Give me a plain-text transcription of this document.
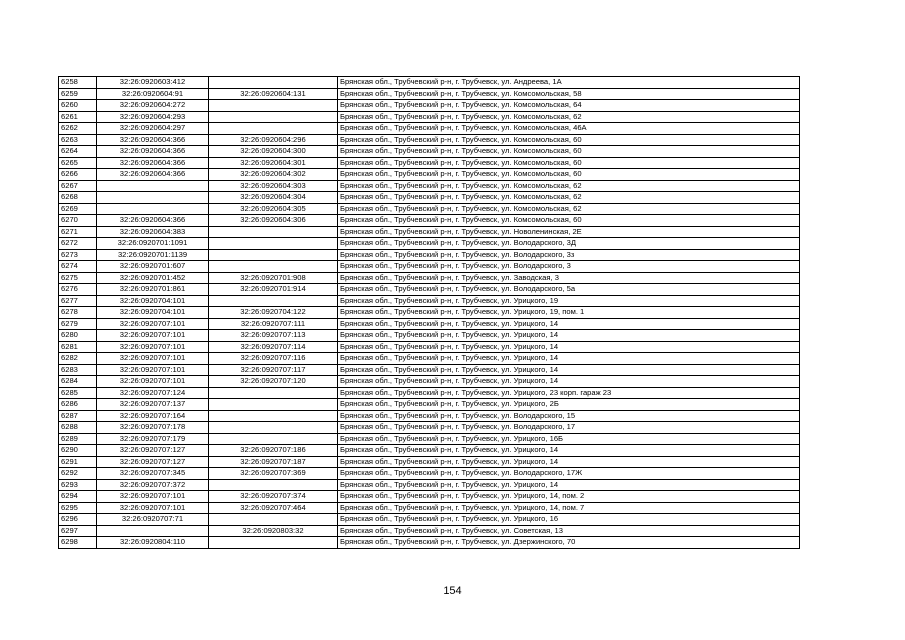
6258	32:26:0920603:412		Брянская обл., Трубчевский р-н, г. Трубчевск, ул. Андреева, 1А
6259	32:26:0920604:91	32:26:0920604:131	Брянская обл., Трубчевский р-н, г. Трубчевск, ул. Комсомольская, 58
6260	32:26:0920604:272		Брянская обл., Трубчевский р-н, г. Трубчевск, ул. Комсомольская, 64
6261	32:26:0920604:293		Брянская обл., Трубчевский р-н, г. Трубчевск, ул. Комсомольская, 62
6262	32:26:0920604:297		Брянская обл., Трубчевский р-н, г. Трубчевск, ул. Комсомольская, 46А
6263	32:26:0920604:366	32:26:0920604:296	Брянская обл., Трубчевский р-н, г. Трубчевск, ул. Комсомольская, 60
6264	32:26:0920604:366	32:26:0920604:300	Брянская обл., Трубчевский р-н, г. Трубчевск, ул. Комсомольская, 60
6265	32:26:0920604:366	32:26:0920604:301	Брянская обл., Трубчевский р-н, г. Трубчевск, ул. Комсомольская, 60
6266	32:26:0920604:366	32:26:0920604:302	Брянская обл., Трубчевский р-н, г. Трубчевск, ул. Комсомольская, 60
6267		32:26:0920604:303	Брянская обл., Трубчевский р-н, г. Трубчевск, ул. Комсомольская, 62
6268		32:26:0920604:304	Брянская обл., Трубчевский р-н, г. Трубчевск, ул. Комсомольская, 62
6269		32:26:0920604:305	Брянская обл., Трубчевский р-н, г. Трубчевск, ул. Комсомольская, 62
6270	32:26:0920604:366	32:26:0920604:306	Брянская обл., Трубчевский р-н, г. Трубчевск, ул. Комсомольская, 60
6271	32:26:0920604:383		Брянская обл., Трубчевский р-н, г. Трубчевск, ул. Новоленинская, 2Е
6272	32:26:0920701:1091		Брянская обл., Трубчевский р-н, г. Трубчевск, ул. Володарского, 3Д
6273	32:26:0920701:1139		Брянская обл., Трубчевский р-н, г. Трубчевск, ул. Володарского, 3з
6274	32:26:0920701:607		Брянская обл., Трубчевский р-н, г. Трубчевск, ул. Володарского, 3
6275	32:26:0920701:452	32:26:0920701:908	Брянская обл., Трубчевский р-н, г. Трубчевск, ул. Заводская, 3
6276	32:26:0920701:861	32:26:0920701:914	Брянская обл., Трубчевский р-н, г. Трубчевск, ул. Володарского, 5а
6277	32:26:0920704:101		Брянская обл., Трубчевский р-н, г. Трубчевск, ул. Урицкого, 19
6278	32:26:0920704:101	32:26:0920704:122	Брянская обл., Трубчевский р-н, г. Трубчевск, ул. Урицкого, 19, пом. 1
6279	32:26:0920707:101	32:26:0920707:111	Брянская обл., Трубчевский р-н, г. Трубчевск, ул. Урицкого, 14
6280	32:26:0920707:101	32:26:0920707:113	Брянская обл., Трубчевский р-н, г. Трубчевск, ул. Урицкого, 14
6281	32:26:0920707:101	32:26:0920707:114	Брянская обл., Трубчевский р-н, г. Трубчевск, ул. Урицкого, 14
6282	32:26:0920707:101	32:26:0920707:116	Брянская обл., Трубчевский р-н, г. Трубчевск, ул. Урицкого, 14
6283	32:26:0920707:101	32:26:0920707:117	Брянская обл., Трубчевский р-н, г. Трубчевск, ул. Урицкого, 14
6284	32:26:0920707:101	32:26:0920707:120	Брянская обл., Трубчевский р-н, г. Трубчевск, ул. Урицкого, 14
6285	32:26:0920707:124		Брянская обл., Трубчевский р-н, г. Трубчевск, ул. Урицкого, 23 корп. гараж 23
6286	32:26:0920707:137		Брянская обл., Трубчевский р-н, г. Трубчевск, ул. Урицкого, 2Б
6287	32:26:0920707:164		Брянская обл., Трубчевский р-н, г. Трубчевск, ул. Володарского, 15
6288	32:26:0920707:178		Брянская обл., Трубчевский р-н, г. Трубчевск, ул. Володарского, 17
6289	32:26:0920707:179		Брянская обл., Трубчевский р-н, г. Трубчевск, ул. Урицкого, 16Б
6290	32:26:0920707:127	32:26:0920707:186	Брянская обл., Трубчевский р-н, г. Трубчевск, ул. Урицкого, 14
6291	32:26:0920707:127	32:26:0920707:187	Брянская обл., Трубчевский р-н, г. Трубчевск, ул. Урицкого, 14
6292	32:26:0920707:345	32:26:0920707:369	Брянская обл., Трубчевский р-н, г. Трубчевск, ул. Володарского, 17Ж
6293	32:26:0920707:372		Брянская обл., Трубчевский р-н, г. Трубчевск, ул. Урицкого, 14
6294	32:26:0920707:101	32:26:0920707:374	Брянская обл., Трубчевский р-н, г. Трубчевск, ул. Урицкого, 14, пом. 2
6295	32:26:0920707:101	32:26:0920707:464	Брянская обл., Трубчевский р-н, г. Трубчевск, ул. Урицкого, 14, пом. 7
6296	32:26:0920707:71		Брянская обл., Трубчевский р-н, г. Трубчевск, ул. Урицкого, 16
6297		32:26:0920803:32	Брянская обл., Трубчевский р-н, г. Трубчевск, ул. Советская, 13
6298	32:26:0920804:110		Брянская обл., Трубчевский р-н, г. Трубчевск, ул. Дзержинского, 70
154
